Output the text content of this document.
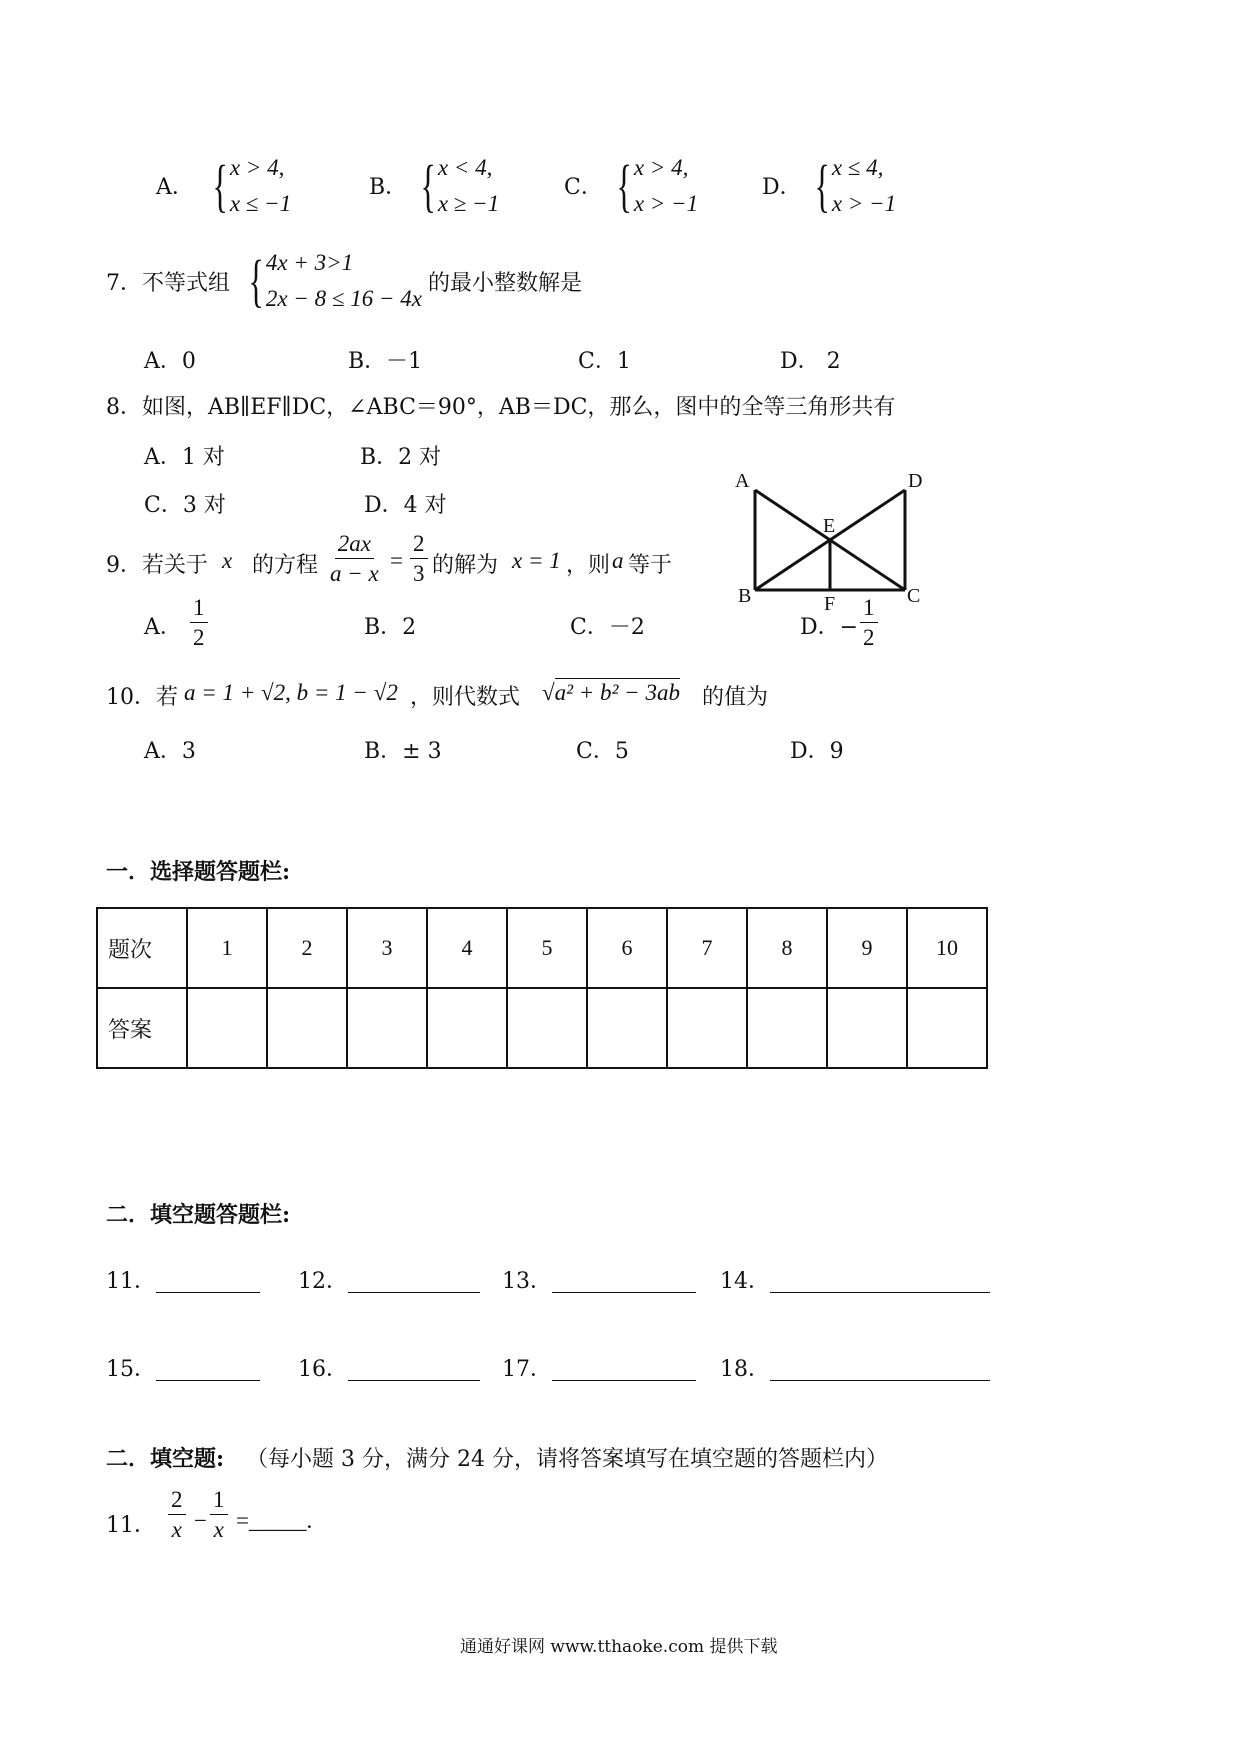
A． { x > 4,
x ≤ −1
B． { x < 4,
x ≥ −1
C． { x > 4,
x > −1
D． { x ≤ 4,
x > −1
7．不等式组 { 4x + 3>1
2x − 8 ≤ 16 − 4x
的最小整数解是
A．0	B．－1	C．1	D． 2
8．如图，AB∥EF∥DC，∠ABC＝90°，AB＝DC，那么，图中的全等三角形共有
A．1 对	B．2 对
C．3 对	D．4 对
A	D
E
B	F	C
9．若关于 x 的方程 $\frac{2ax}{a - x} = \frac{2}{3}$ 的解为 x = 1 ，则 a 等于
A． $\frac{1}{2}$	B．2	C．－2	D．− $\frac{1}{2}$
10．若 a = 1 + √2, b = 1 − √2 ，则代数式 √a² + b² − 3ab 的值为
A．3	B．± 3	C．5	D．9
一．选择题答题栏:
题次	1	2	3	4	5	6	7	8	9	10
答案										
二．填空题答题栏:
11．	12．	13．	14．
15．	16．	17．	18．
二．填空题: （每小题 3 分，满分 24 分，请将答案填写在填空题的答题栏内）
11． $\frac{2}{x} - \frac{1}{x}$ =_____.
通通好课网 www.tthaoke.com 提供下载
